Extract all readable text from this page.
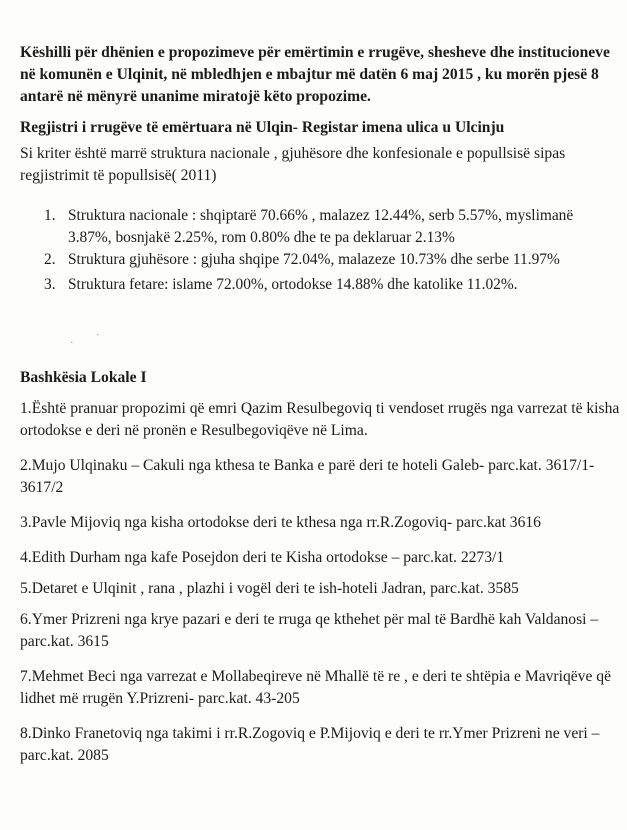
Këshilli për dhënien e propozimeve për emërtimin e rrugëve, shesheve dhe institucioneve në komunën e Ulqinit, në mbledhjen e mbajtur më datën 6 maj 2015 , ku morën pjesë 8 antarë në mënyrë unanime miratojë këto propozime.

Regjistri i rrugëve të emërtuara në Ulqin- Registar imena ulica u Ulcinju

Si kriter është marrë struktura nacionale , gjuhësore dhe konfesionale e popullsisë sipas regjistrimit të popullsisë( 2011)

1. Struktura nacionale : shqiptarë 70.66% , malazez 12.44%, serb 5.57%, myslimanë 3.87%, bosnjakë 2.25%, rom 0.80% dhe te pa deklaruar 2.13%
2. Struktura gjuhësore : gjuha shqipe 72.04%, malazeze 10.73% dhe serbe 11.97%
3. Struktura fetare: islame 72.00%, ortodokse 14.88% dhe katolike 11.02%.
·
·
Bashkësia Lokale I
1.Është pranuar propozimi që emri Qazim Resulbegoviq ti vendoset rrugës nga varrezat të kisha ortodokse e deri në pronën e Resulbegoviqëve në Lima.
2.Mujo Ulqinaku – Cakuli nga kthesa te Banka e parë deri te hoteli Galeb- parc.kat. 3617/1- 3617/2
3.Pavle Mijoviq nga kisha ortodokse deri te kthesa nga rr.R.Zogoviq- parc.kat 3616
4.Edith Durham nga kafe Posejdon deri te Kisha ortodokse – parc.kat. 2273/1
5.Detaret e Ulqinit , rana , plazhi i vogël deri te ish-hoteli Jadran, parc.kat. 3585
6.Ymer Prizreni nga krye pazari e deri te rruga qe kthehet për mal të Bardhë kah Valdanosi – parc.kat. 3615
7.Mehmet Beci nga varrezat e Mollabeqireve në Mhallë të re , e deri te shtëpia e Mavriqëve që lidhet më rrugën Y.Prizreni- parc.kat. 43-205
8.Dinko Franetoviq nga takimi i rr.R.Zogoviq e P.Mijoviq e deri te rr.Ymer Prizreni ne veri – parc.kat. 2085
